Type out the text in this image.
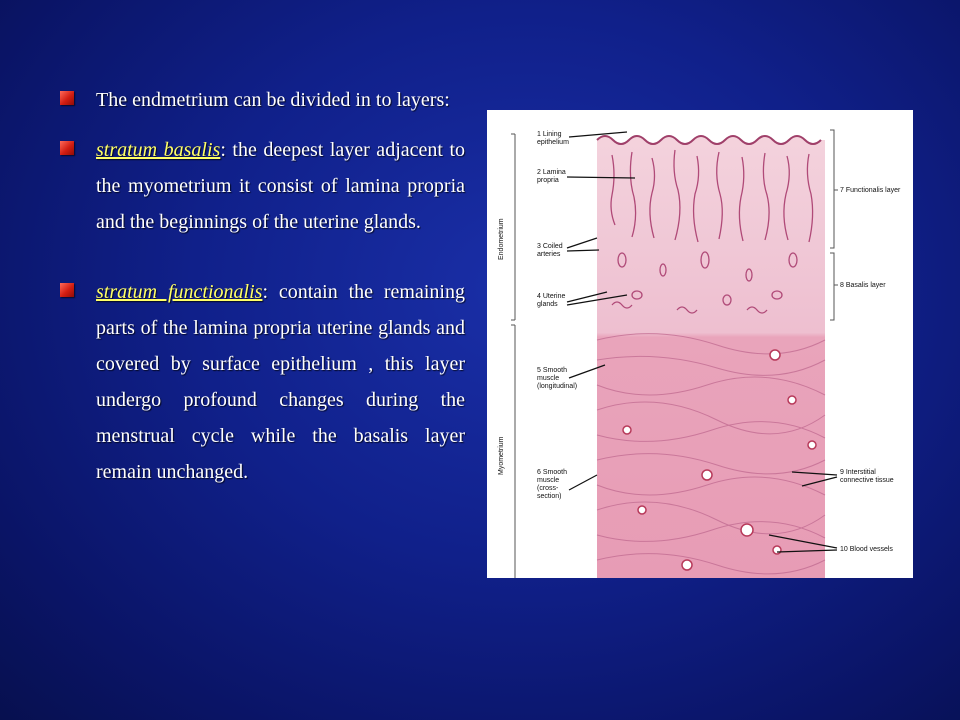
The endmetrium can be divided in to layers:
stratum basalis: the deepest layer adjacent to the myometrium it consist of lamina propria and the beginnings of the uterine glands.
stratum functionalis: contain the remaining parts of the lamina propria uterine glands and covered by surface epithelium , this layer undergo profound changes during the menstrual cycle while the basalis layer remain unchanged.
Endometrium
Myometrium
1 Lining
epithelium
2 Lamina
propria
3 Coiled
arteries
4 Uterine
glands
5 Smooth
muscle
(longitudinal)
6 Smooth
muscle
(cross-
section)
7 Functionalis layer
8 Basalis layer
9 Interstitial
connective tissue
10 Blood vessels
